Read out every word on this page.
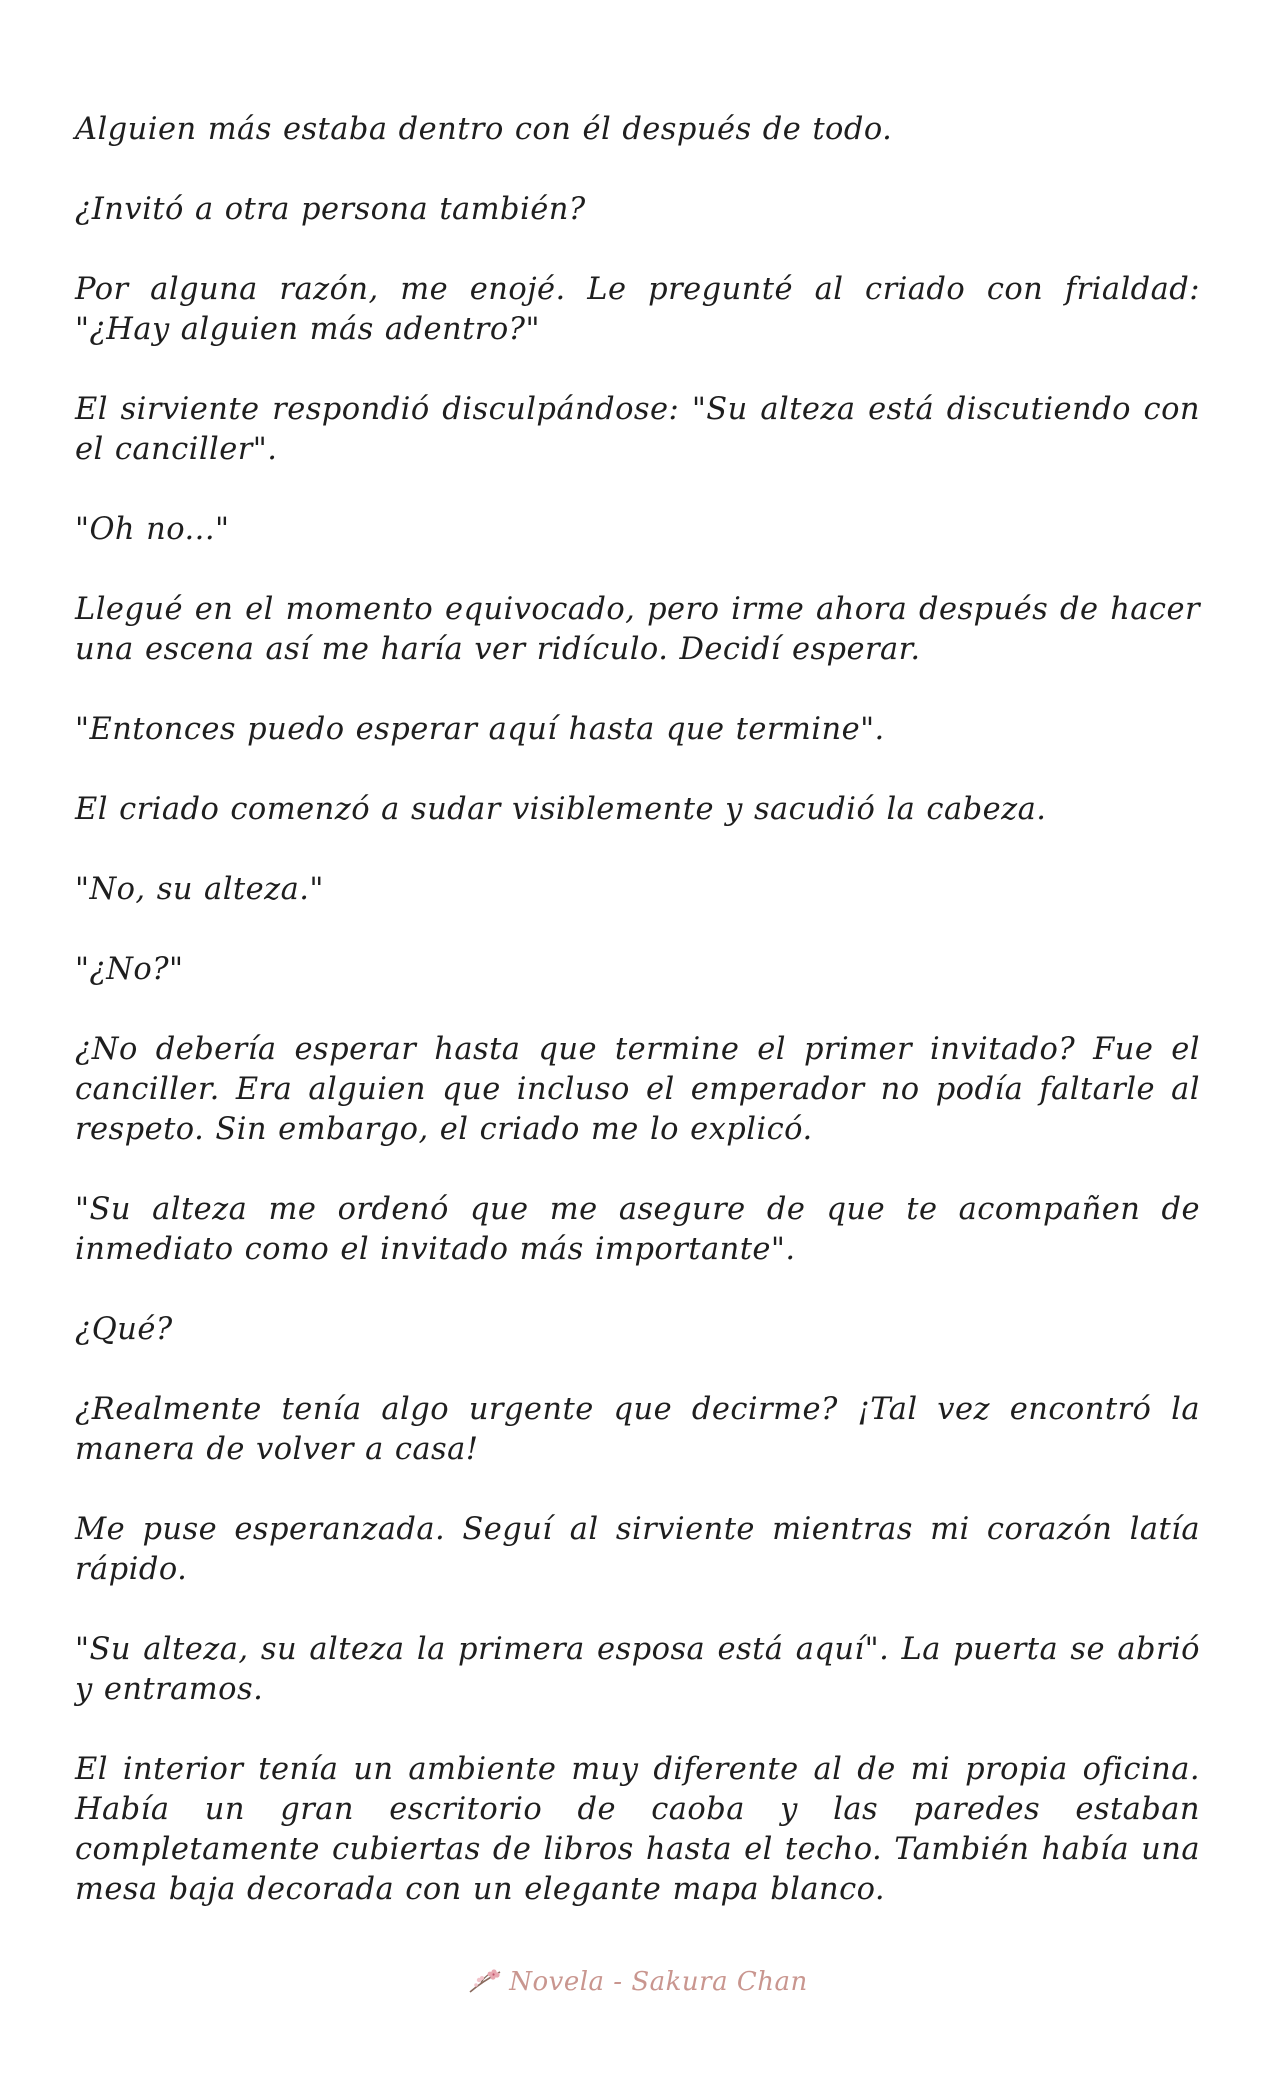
Alguien más estaba dentro con él después de todo.

¿Invitó a otra persona también?

Por alguna razón, me enojé. Le pregunté al criado con frialdad: "¿Hay alguien más adentro?"

El sirviente respondió disculpándose: "Su alteza está discutiendo con el canciller".

"Oh no..."

Llegué en el momento equivocado, pero irme ahora después de hacer una escena así me haría ver ridículo. Decidí esperar.

"Entonces puedo esperar aquí hasta que termine".

El criado comenzó a sudar visiblemente y sacudió la cabeza.

"No, su alteza."

"¿No?"

¿No debería esperar hasta que termine el primer invitado? Fue el canciller. Era alguien que incluso el emperador no podía faltarle al respeto. Sin embargo, el criado me lo explicó.

"Su alteza me ordenó que me asegure de que te acompañen de inmediato como el invitado más importante".

¿Qué?

¿Realmente tenía algo urgente que decirme? ¡Tal vez encontró la manera de volver a casa!

Me puse esperanzada. Seguí al sirviente mientras mi corazón latía rápido.

"Su alteza, su alteza la primera esposa está aquí". La puerta se abrió y entramos.

El interior tenía un ambiente muy diferente al de mi propia oficina. Había un gran escritorio de caoba y las paredes estaban completamente cubiertas de libros hasta el techo. También había una mesa baja decorada con un elegante mapa blanco.

Novela - Sakura Chan
